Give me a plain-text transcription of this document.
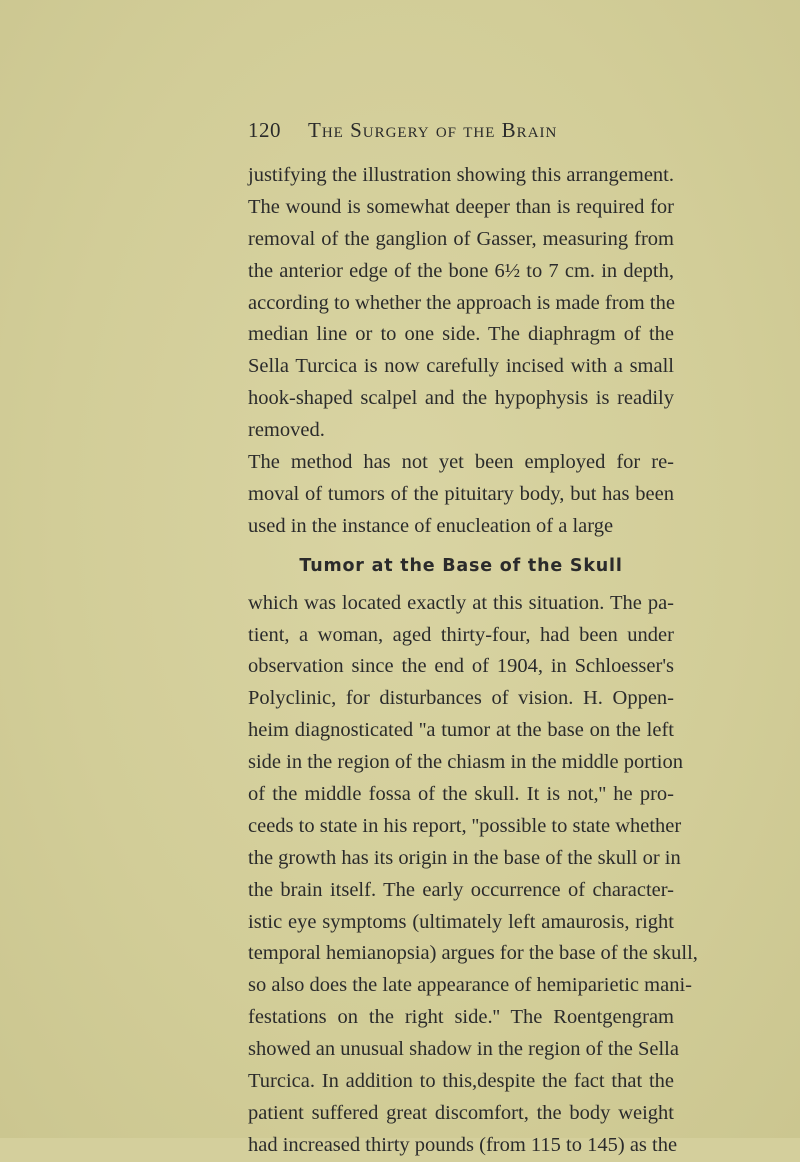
120 The Surgery of the Brain
justifying the illustration showing this arrangement.
The wound is somewhat deeper than is required for
removal of the ganglion of Gasser, measuring from
the anterior edge of the bone 6½ to 7 cm. in depth,
according to whether the approach is made from the
median line or to one side. The diaphragm of the
Sella Turcica is now carefully incised with a small
hook-shaped scalpel and the hypophysis is readily
removed.
The method has not yet been employed for re-
moval of tumors of the pituitary body, but has been
used in the instance of enucleation of a large
Tumor at the Base of the Skull
which was located exactly at this situation. The pa-
tient, a woman, aged thirty-four, had been under
observation since the end of 1904, in Schloesser's
Polyclinic, for disturbances of vision. H. Oppen-
heim diagnosticated ''a tumor at the base on the left
side in the region of the chiasm in the middle portion
of the middle fossa of the skull. It is not,'' he pro-
ceeds to state in his report, ''possible to state whether
the growth has its origin in the base of the skull or in
the brain itself. The early occurrence of character-
istic eye symptoms (ultimately left amaurosis, right
temporal hemianopsia) argues for the base of the skull,
so also does the late appearance of hemiparietic mani-
festations on the right side.'' The Roentgengram
showed an unusual shadow in the region of the Sella
Turcica. In addition to this,despite the fact that the
patient suffered great discomfort, the body weight
had increased thirty pounds (from 115 to 145) as the
